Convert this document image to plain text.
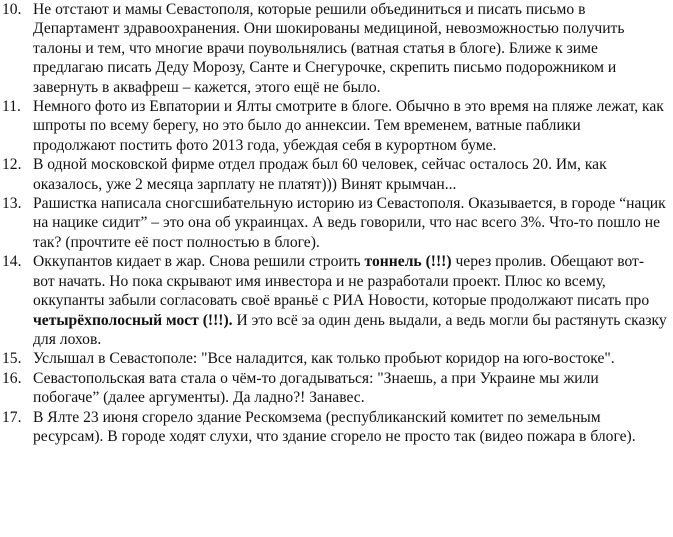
10. Не отстают и мамы Севастополя, которые решили объединиться и писать письмо в Департамент здравоохранения. Они шокированы медициной, невозможностью получить талоны и тем, что многие врачи поувольнялись (ватная статья в блоге). Ближе к зиме предлагаю писать Деду Морозу, Санте и Снегурочке, скрепить письмо подорожником и завернуть в аквафреш – кажется, этого ещё не было.

11. Немного фото из Евпатории и Ялты смотрите в блоге. Обычно в это время на пляже лежат, как шпроты по всему берегу, но это было до аннексии. Тем временем, ватные паблики продолжают постить фото 2013 года, убеждая себя в курортном буме.

12. В одной московской фирме отдел продаж был 60 человек, сейчас осталось 20. Им, как оказалось, уже 2 месяца зарплату не платят))) Винят крымчан...

13. Рашистка написала сногсшибательную историю из Севастополя. Оказывается, в городе “нацик на нацике сидит” – это она об украинцах. А ведь говорили, что нас всего 3%. Что-то пошло не так? (прочтите её пост полностью в блоге).

14. Оккупантов кидает в жар. Снова решили строить тоннель (!!!) через пролив. Обещают вот- вот начать. Но пока скрывают имя инвестора и не разработали проект. Плюс ко всему, оккупанты забыли согласовать своё враньё с РИА Новости, которые продолжают писать про четырёхполосный мост (!!!). И это всё за один день выдали, а ведь могли бы растянуть сказку для лохов.

15. Услышал в Севастополе: "Все наладится, как только пробьют коридор на юго-востоке".

16. Севастопольская вата стала о чём-то догадываться: "Знаешь, а при Украине мы жили побогаче” (далее аргументы). Да ладно?! Занавес.

17. В Ялте 23 июня сгорело здание Рескомзема (республиканский комитет по земельным ресурсам). В городе ходят слухи, что здание сгорело не просто так (видео пожара в блоге).
